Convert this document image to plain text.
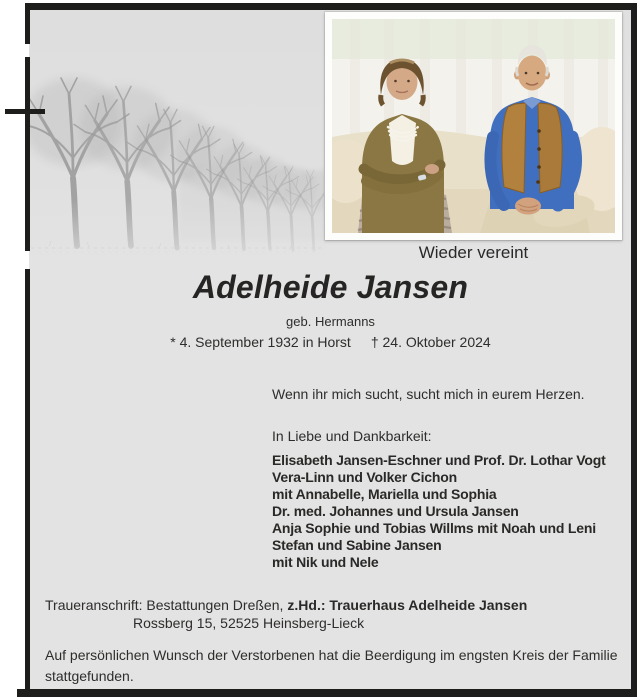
Wieder vereint
Adelheide Jansen
geb. Hermanns
* 4. September 1932 in Horst † 24. Oktober 2024
Wenn ihr mich sucht, sucht mich in eurem Herzen.
In Liebe und Dankbarkeit:
Elisabeth Jansen-Eschner und Prof. Dr. Lothar Vogt
Vera-Linn und Volker Cichon
mit Annabelle, Mariella und Sophia
Dr. med. Johannes und Ursula Jansen
Anja Sophie und Tobias Willms mit Noah und Leni
Stefan und Sabine Jansen
mit Nik und Nele
Traueranschrift: Bestattungen Dreßen, z.Hd.: Trauerhaus Adelheide Jansen
Rossberg 15, 52525 Heinsberg-Lieck
Auf persönlichen Wunsch der Verstorbenen hat die Beerdigung im engsten Kreis der Familie
stattgefunden.
